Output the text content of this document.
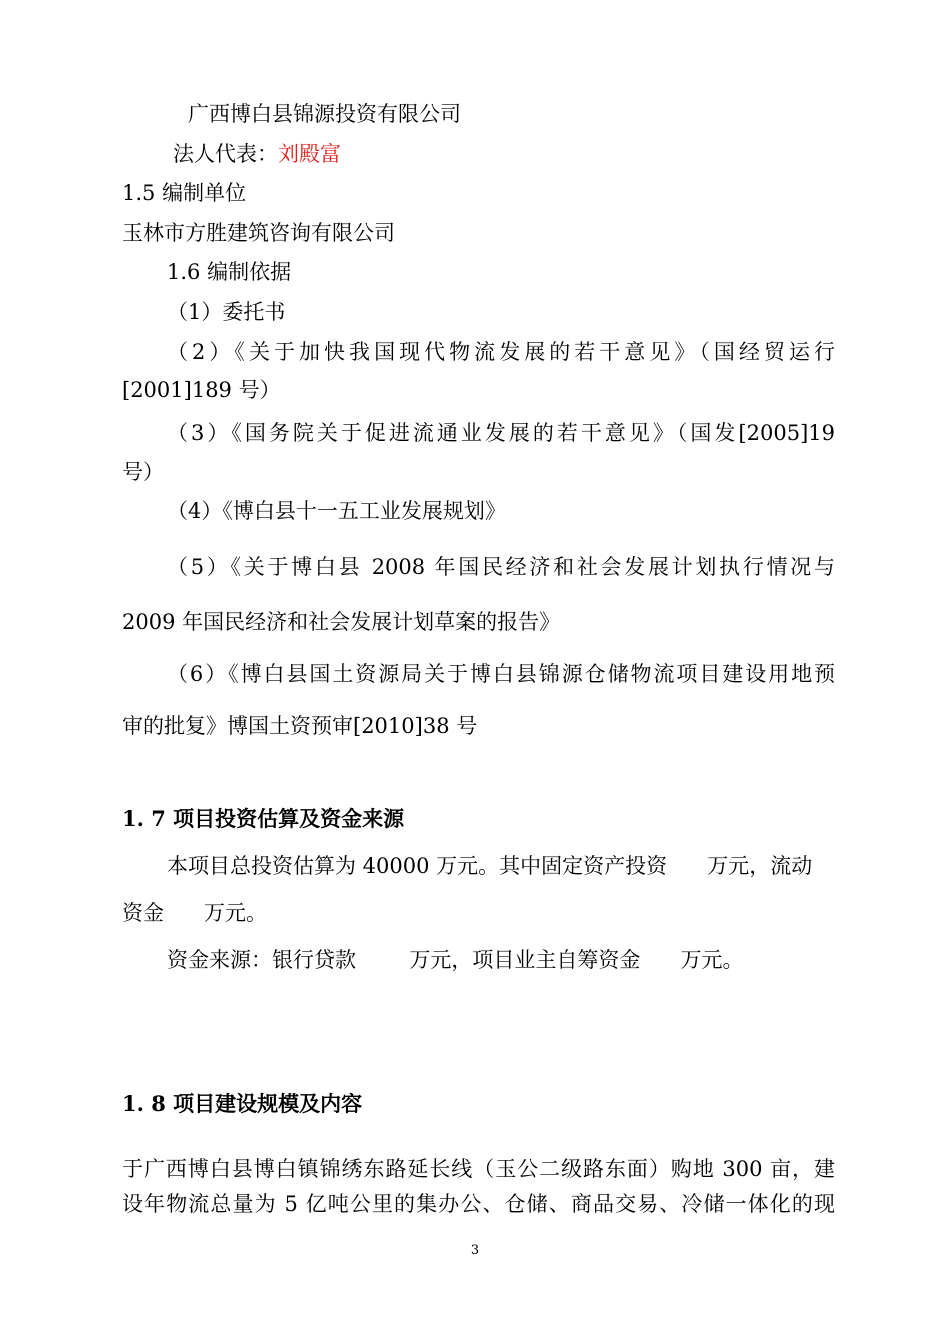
广西博白县锦源投资有限公司

法人代表：刘殿富

1.5 编制单位

玉林市方胜建筑咨询有限公司

1.6 编制依据

（1）委托书

（2）《关于加快我国现代物流发展的若干意见》（国经贸运行

[2001]189 号）

（3）《国务院关于促进流通业发展的若干意见》（国发[2005]19

号）

（4）《博白县十一五工业发展规划》

（5）《关于博白县 2008 年国民经济和社会发展计划执行情况与

2009 年国民经济和社会发展计划草案的报告》

（6）《博白县国土资源局关于博白县锦源仓储物流项目建设用地预

审的批复》博国土资预审[2010]38 号

1. 7 项目投资估算及资金来源

本项目总投资估算为 40000 万元。其中固定资产投资      万元，流动

资金      万元。

资金来源：银行贷款        万元，项目业主自筹资金      万元。

1. 8 项目建设规模及内容

于广西博白县博白镇锦绣东路延长线（玉公二级路东面）购地 300 亩，建

设年物流总量为 5 亿吨公里的集办公、仓储、商品交易、冷储一体化的现

3
